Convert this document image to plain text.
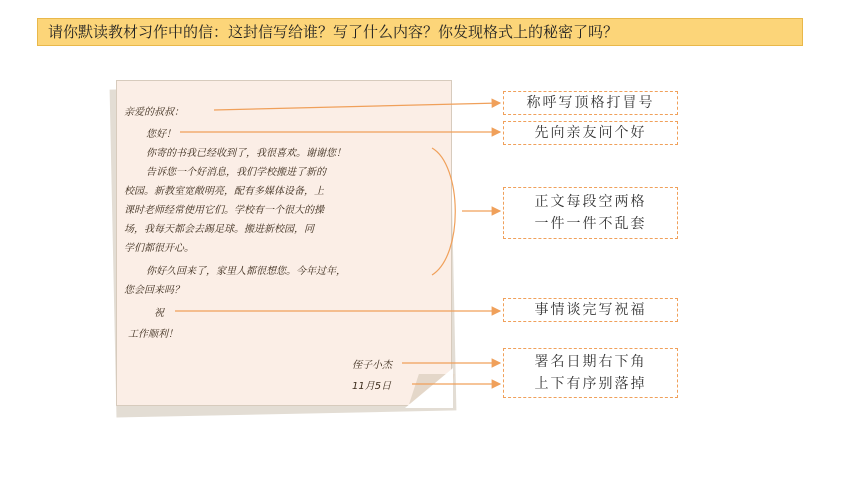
请你默读教材习作中的信：这封信写给谁？写了什么内容？你发现格式上的秘密了吗？
亲爱的叔叔：
您好！
你寄的书我已经收到了，我很喜欢。谢谢您！
告诉您一个好消息，我们学校搬进了新的
校园。新教室宽敞明亮，配有多媒体设备，上
课时老师经常使用它们。学校有一个很大的操
场，我每天都会去踢足球。搬进新校园，同
学们都很开心。
你好久回来了，家里人都很想您。今年过年，
您会回来吗？
祝
工作顺利！
侄子小杰
11月5日
称呼写顶格打冒号
先向亲友问个好
正文每段空两格
一件一件不乱套
事情谈完写祝福
署名日期右下角
上下有序别落掉
